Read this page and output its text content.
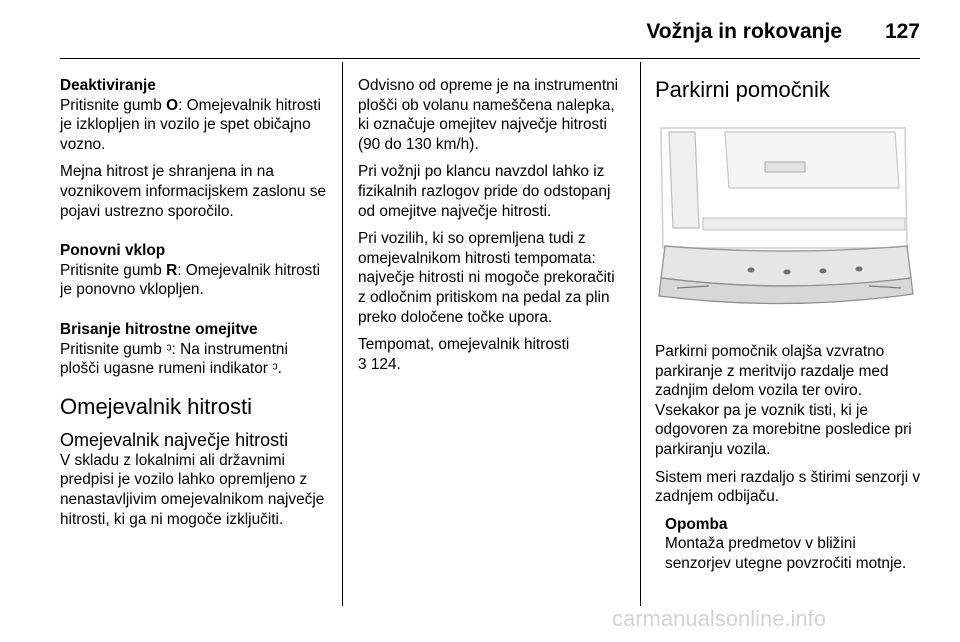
Vožnja in rokovanje 127
Deaktiviranje

Pritisnite gumb O: Omejevalnik hitrosti je izklopljen in vozilo je spet običajno vozno.

Mejna hitrost je shranjena in na voznikovem informacijskem zaslonu se pojavi ustrezno sporočilo.

Ponovni vklop

Pritisnite gumb R: Omejevalnik hitrosti je ponovno vklopljen.

Brisanje hitrostne omejitve

Pritisnite gumb ᵓ: Na instrumentni plošči ugasne rumeni indikator ᵓ.

Omejevalnik hitrosti
Omejevalnik največje hitrosti

V skladu z lokalnimi ali državnimi predpisi je vozilo lahko opremljeno z nenastavljivim omejevalnikom največje hitrosti, ki ga ni mogoče izključiti.

Odvisno od opreme je na instrumentni plošči ob volanu nameščena nalepka, ki označuje omejitev največje hitrosti (90 do 130 km/h).

Pri vožnji po klancu navzdol lahko iz fizikalnih razlogov pride do odstopanj od omejitve največje hitrosti.

Pri vozilih, ki so opremljena tudi z omejevalnikom hitrosti tempomata: največje hitrosti ni mogoče prekoračiti z odločnim pritiskom na pedal za plin preko določene točke upora.

Tempomat, omejevalnik hitrosti
3 124.

Parkirni pomočnik

Parkirni pomočnik olajša vzvratno parkiranje z meritvijo razdalje med zadnjim delom vozila ter oviro. Vsekakor pa je voznik tisti, ki je odgovoren za morebitne posledice pri parkiranju vozila.

Sistem meri razdaljo s štirimi senzorji v zadnjem odbijaču.

Opomba

Montaža predmetov v bližini senzorjev utegne povzročiti motnje.

carmanualsonline.info
